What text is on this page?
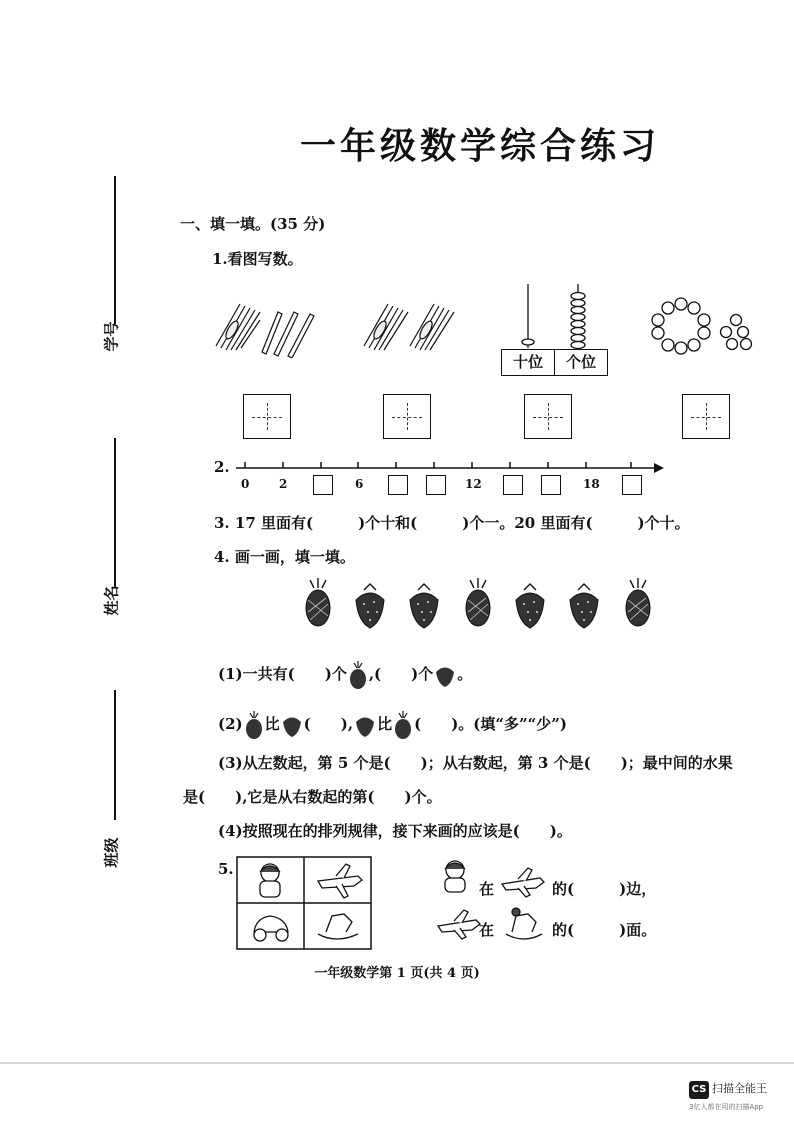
一年级数学综合练习
学号
姓名
班级
一、填一填。(35 分)
1.看图写数。
十位	个位
2.
0 2	6	12	18
3. 17 里面有(　　　)个十和(　　　)个一。20 里面有(　　　)个十。
4. 画一画，填一填。
(1)一共有(　　)个 ,(　　)个 。
(2) 比 (　　), 比 (　　)。(填“多”“少”)
(3)从左数起，第 5 个是(　　)；从右数起，第 3 个是(　　)；最中间的水果
是(　　),它是从右数起的第(　　)个。
(4)按照现在的排列规律，接下来画的应该是(　　)。
5.
在	的(　　　)边，
在	的(　　　)面。
一年级数学第 1 页(共 4 页)
CS 扫描全能王
3亿人都在用的扫描App
